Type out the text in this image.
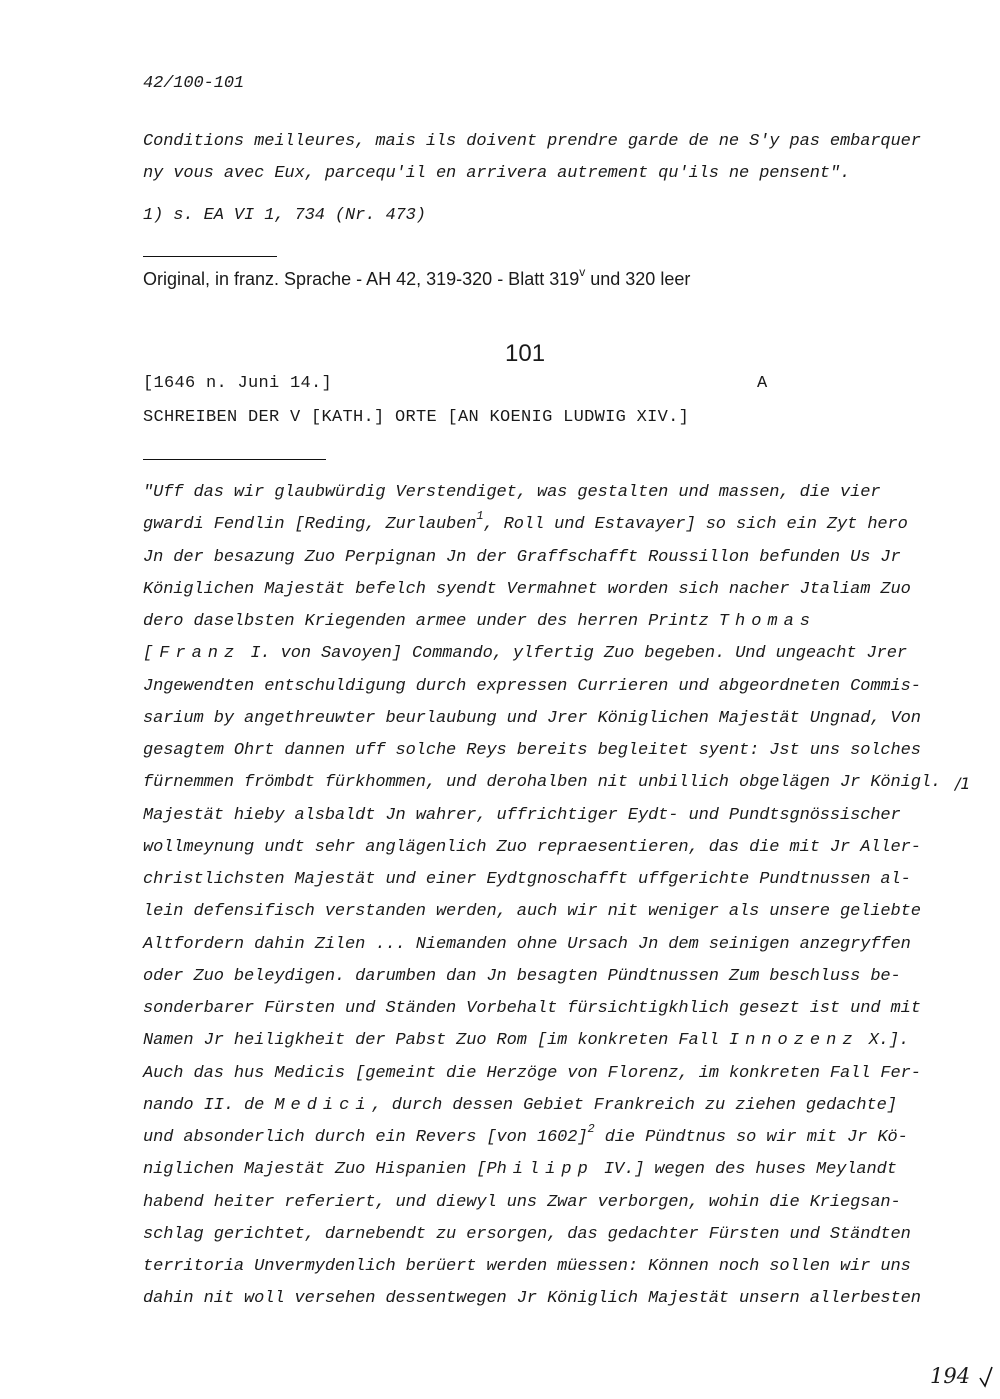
42/100-101
Conditions meilleures, mais ils doivent prendre garde de ne S'y pas embarquer
ny vous avec Eux, parcequ'il en arrivera autrement qu'ils ne pensent".
1) s. EA VI 1, 734 (Nr. 473)
Original, in franz. Sprache - AH 42, 319-320 - Blatt 319$^v$ und 320 leer
101
[1646 n. Juni 14.]	A
SCHREIBEN DER V [KATH.] ORTE [AN KOENIG LUDWIG XIV.]
"Uff das wir glaubwürdig Verstendiget, was gestalten und massen, die vier
gwardi Fendlin [Reding, Zurlauben$^1$, Roll und Estavayer] so sich ein Zyt hero
Jn der besazung Zuo Perpignan Jn der Graffschafft Roussillon befunden Us Jr
Königlichen Majestät befelch syendt Vermahnet worden sich nacher Jtaliam Zuo
dero daselbsten Kriegenden armee under des herren Printz Thomas
[Franz I. von Savoyen] Commando, ylfertig Zuo begeben. Und ungeacht Jrer
Jngewendten entschuldigung durch expressen Currieren und abgeordneten Commis-
sarium by angethreuwter beurlaubung und Jrer Königlichen Majestät Ungnad, Von
gesagtem Ohrt dannen uff solche Reys bereits begleitet syent: Jst uns solches
fürnemmen frömbdt fürkhommen, und derohalben nit unbillich obgelägen Jr Königl.
Majestät hieby alsbaldt Jn wahrer, uffrichtiger Eydt- und Pundtsgnössischer
wollmeynung undt sehr anglägenlich Zuo repraesentieren, das die mit Jr Aller-
christlichsten Majestät und einer Eydtgnoschafft uffgerichte Pundtnussen al-
lein defensifisch verstanden werden, auch wir nit weniger als unsere geliebte
Altfordern dahin Zilen ... Niemanden ohne Ursach Jn dem seinigen anzegryffen
oder Zuo beleydigen. darumben dan Jn besagten Pündtnussen Zum beschluss be-
sonderbarer Fürsten und Ständen Vorbehalt fürsichtigkhlich gesezt ist und mit
Namen Jr heiligkheit der Pabst Zuo Rom [im konkreten Fall Innozenz X.].
Auch das hus Medicis [gemeint die Herzöge von Florenz, im konkreten Fall Fer-
nando II. de Medici, durch dessen Gebiet Frankreich zu ziehen gedachte]
und absonderlich durch ein Revers [von 1602]$^2$ die Pündtnus so wir mit Jr Kö-
niglichen Majestät Zuo Hispanien [Philipp IV.] wegen des huses Meylandt
habend heiter referiert, und diewyl uns Zwar verborgen, wohin die Kriegsan-
schlag gerichtet, darnebendt zu ersorgen, das gedachter Fürsten und Ständten
territoria Unvermydenlich berüert werden müessen: Können noch sollen wir uns
dahin nit woll versehen dessentwegen Jr Königlich Majestät unsern allerbesten
/1
194
